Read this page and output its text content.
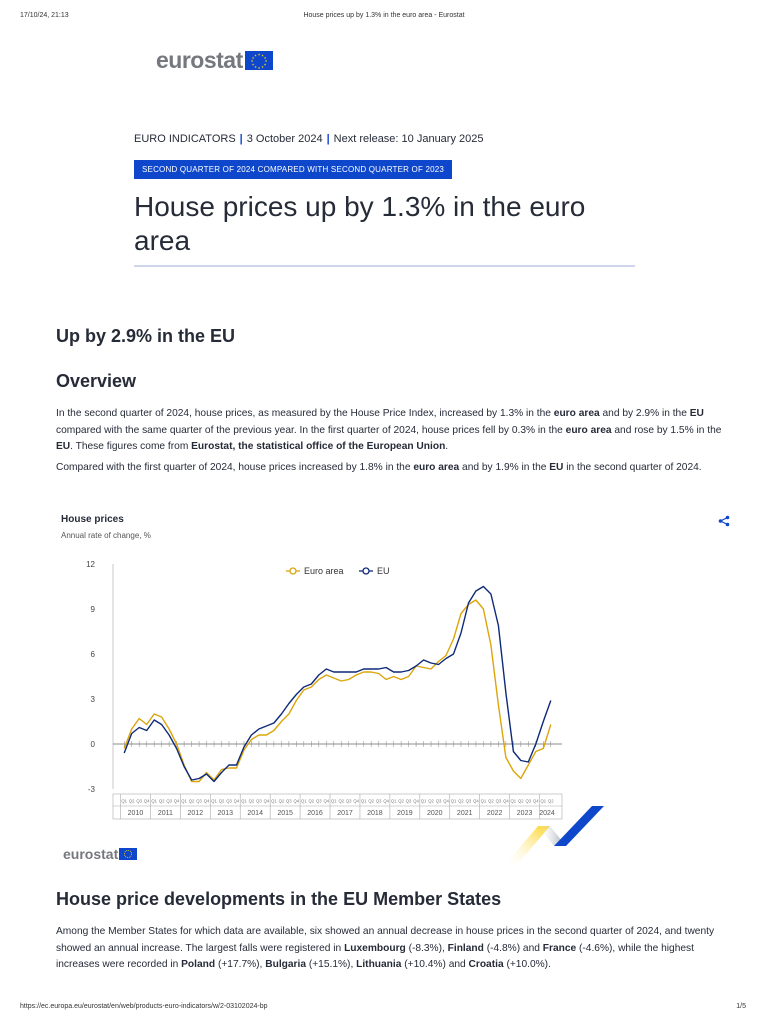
17/10/24, 21:13	House prices up by 1.3% in the euro area - Eurostat
eurostat	★ ★
★
★
★
★
★
★
★
★
★
★
EURO INDICATORS | 3 October 2024 | Next release: 10 January 2025
SECOND QUARTER OF 2024 COMPARED WITH SECOND QUARTER OF 2023
House prices up by 1.3% in the euro area
Up by 2.9% in the EU
Overview

In the second quarter of 2024, house prices, as measured by the House Price Index, increased by 1.3% in the euro area and by 2.9% in the EU compared with the same quarter of the previous year. In the first quarter of 2024, house prices fell by 0.3% in the euro area and rose by 1.5% in the EU. These figures come from Eurostat, the statistical office of the European Union.

Compared with the first quarter of 2024, house prices increased by 1.8% in the euro area and by 1.9% in the EU in the second quarter of 2024.

House prices
Annual rate of change, %
-3
0
3
6
9
12
Q1 Q2 Q3 Q4 Q1 Q2 Q3 Q4 Q1 Q2 Q3 Q4 Q1 Q2 Q3 Q4 Q1 Q2 Q3 Q4 Q1 Q2 Q3 Q4 Q1 Q2 Q3 Q4 Q1 Q2 Q3 Q4 Q1 Q2 Q3 Q4 Q1 Q2 Q3 Q4 Q1 Q2 Q3 Q4 Q1 Q2 Q3 Q4 Q1 Q2 Q3 Q4 Q1 Q2 Q3 Q4 Q1 Q2
2010 2011 2012 2013 2014 2015 2016 2017 2018 2019 2020 2021 2022 2023 2024
Euro area	EU
eurostat
House price developments in the EU Member States

Among the Member States for which data are available, six showed an annual decrease in house prices in the second quarter of 2024, and twenty showed an annual increase. The largest falls were registered in Luxembourg (-8.3%), Finland (-4.8%) and France (-4.6%), while the highest increases were recorded in Poland (+17.7%), Bulgaria (+15.1%), Lithuania (+10.4%) and Croatia (+10.0%).

https://ec.europa.eu/eurostat/en/web/products-euro-indicators/w/2-03102024-bp	1/5
